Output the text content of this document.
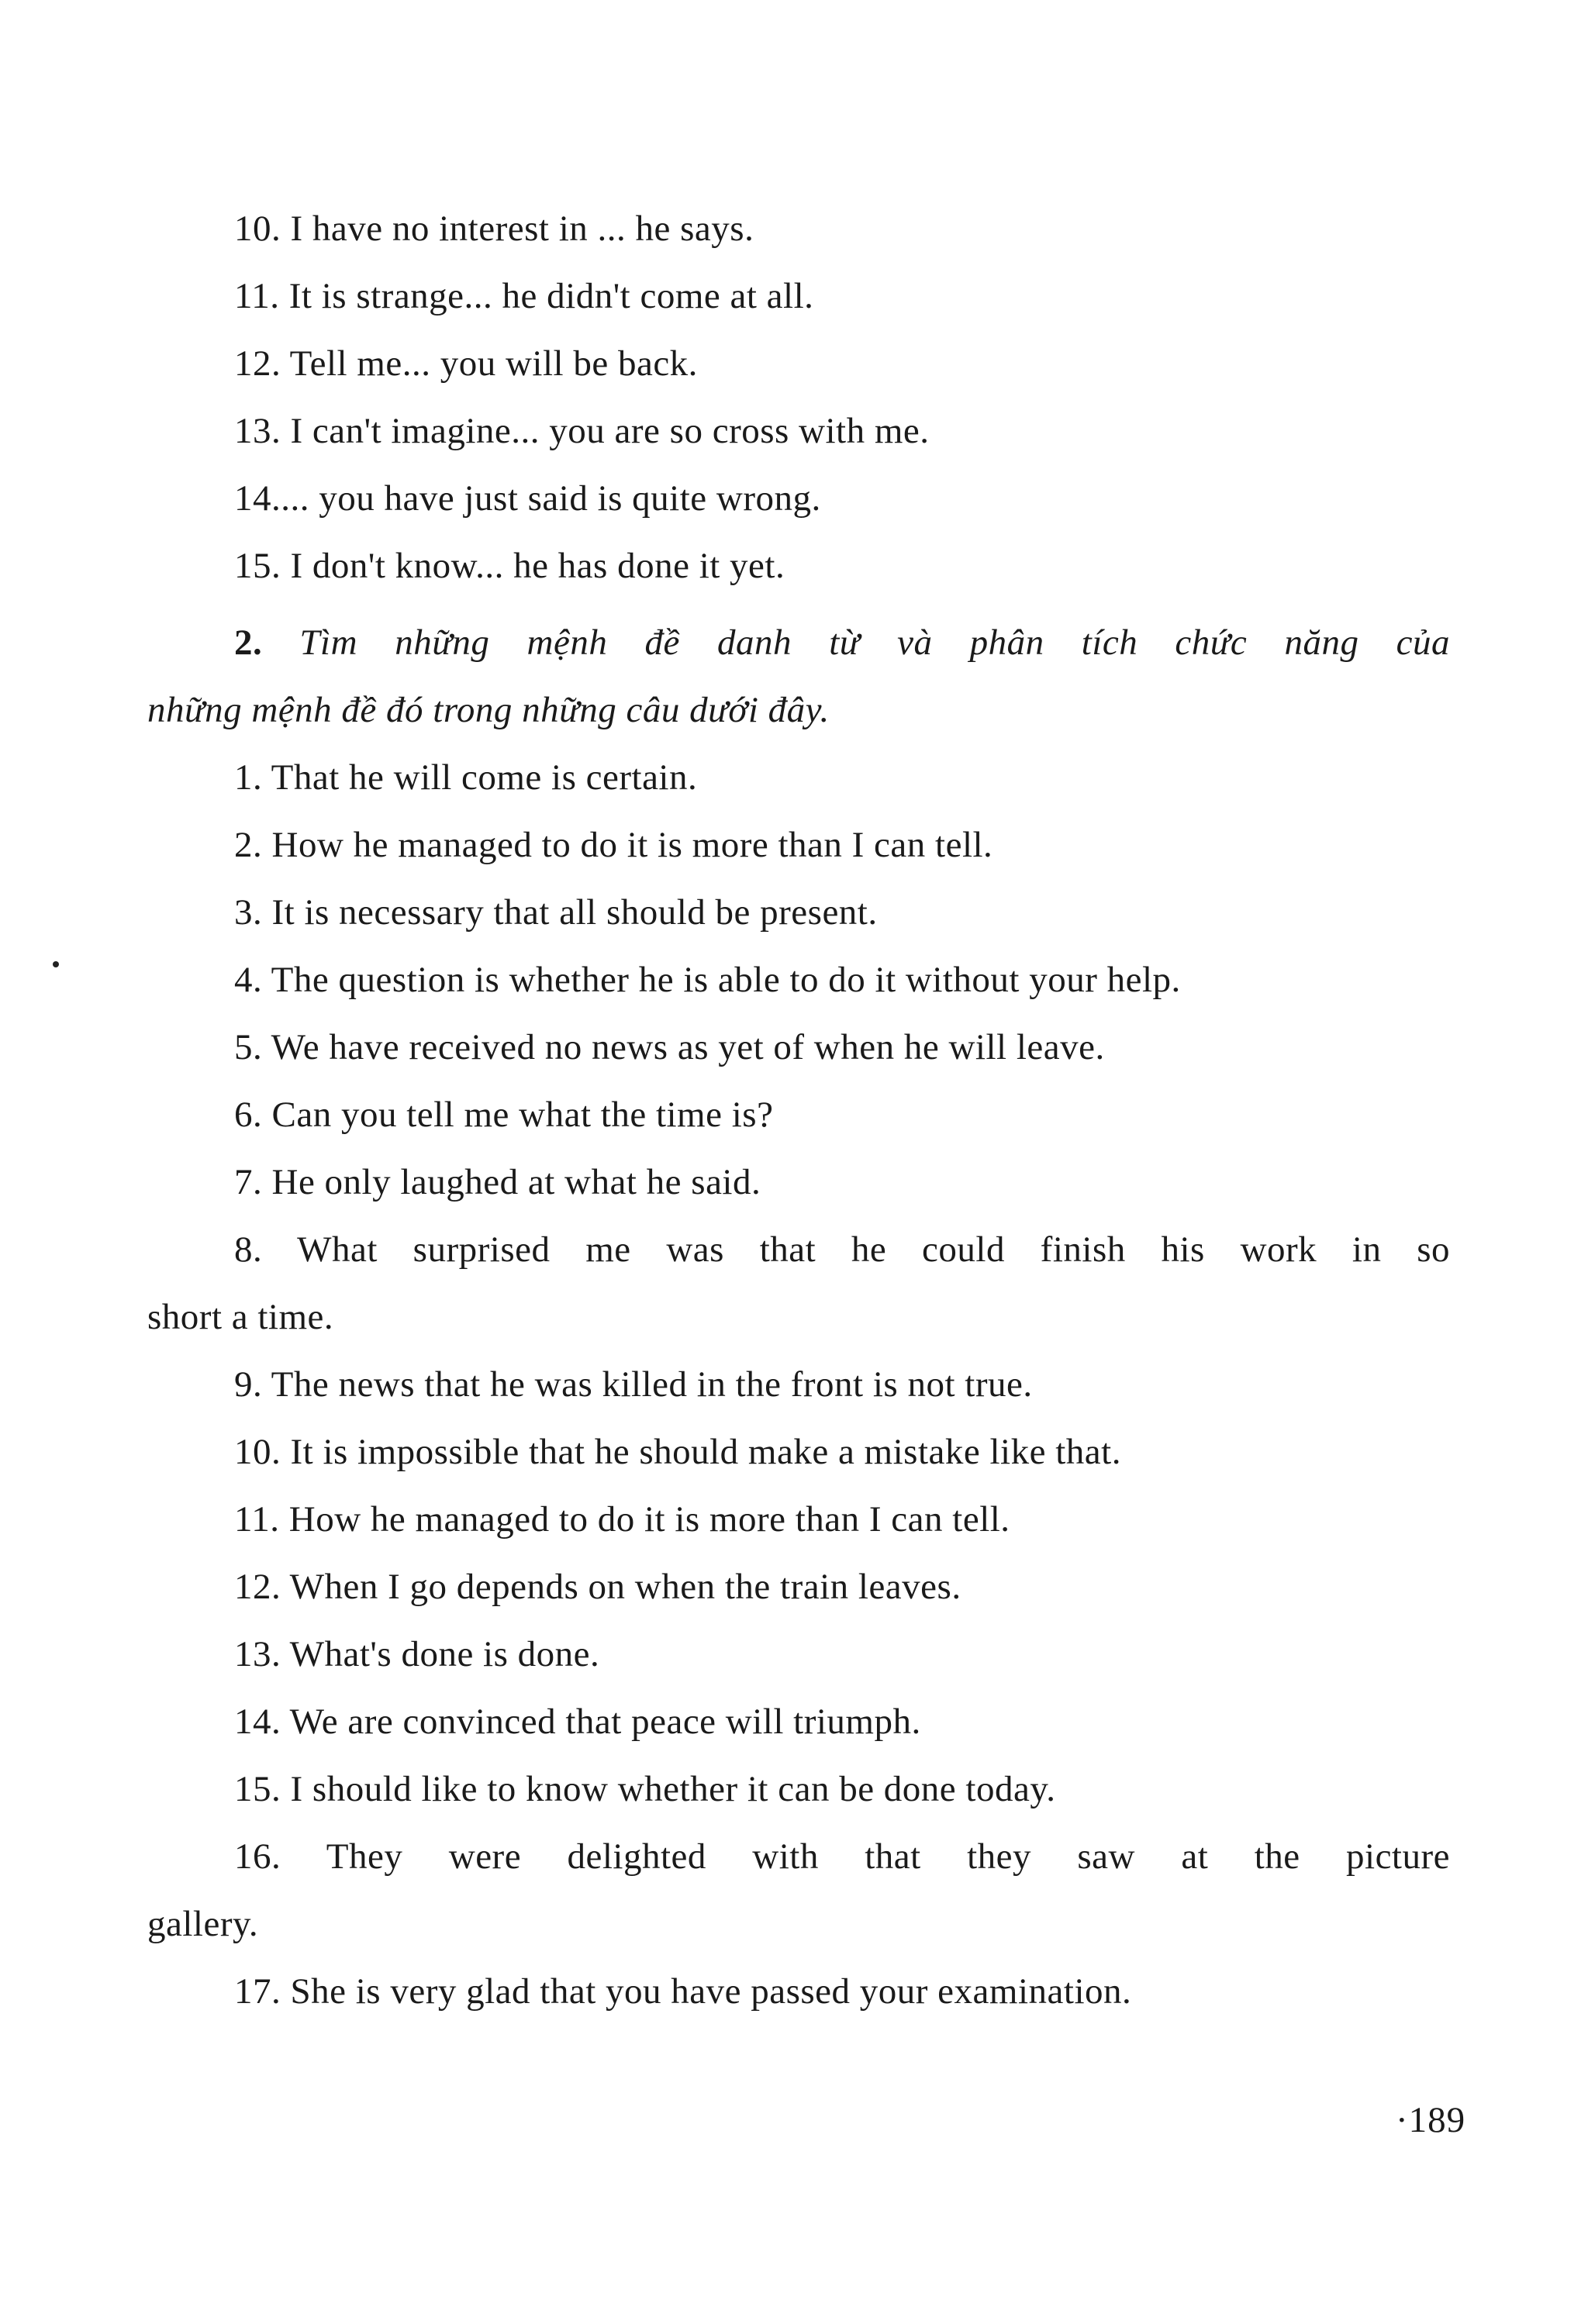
10. I have no interest in ... he says.
11. It is strange... he didn't come at all.
12. Tell me... you will be back.
13. I can't imagine... you are so cross with me.
14.... you have just said is quite wrong.
15. I don't know... he has done it yet.
2. Tìm những mệnh đề danh từ và phân tích chức năng của
những mệnh đề đó trong những câu dưới đây.
1. That he will come is certain.
2. How he managed to do it is more than I can tell.
3. It is necessary that all should be present.
4. The question is whether he is able to do it without your help.
5. We have received no news as yet of when he will leave.
6. Can you tell me what the time is?
7. He only laughed at what he said.
8. What surprised me was that he could finish his work in so
short a time.
9. The news that he was killed in the front is not true.
10. It is impossible that he should make a mistake like that.
11. How he managed to do it is more than I can tell.
12. When I go depends on when the train leaves.
13. What's done is done.
14. We are convinced that peace will triumph.
15. I should like to know whether it can be done today.
16. They were delighted with that they saw at the picture
gallery.
17. She is very glad that you have passed your examination.
·189
